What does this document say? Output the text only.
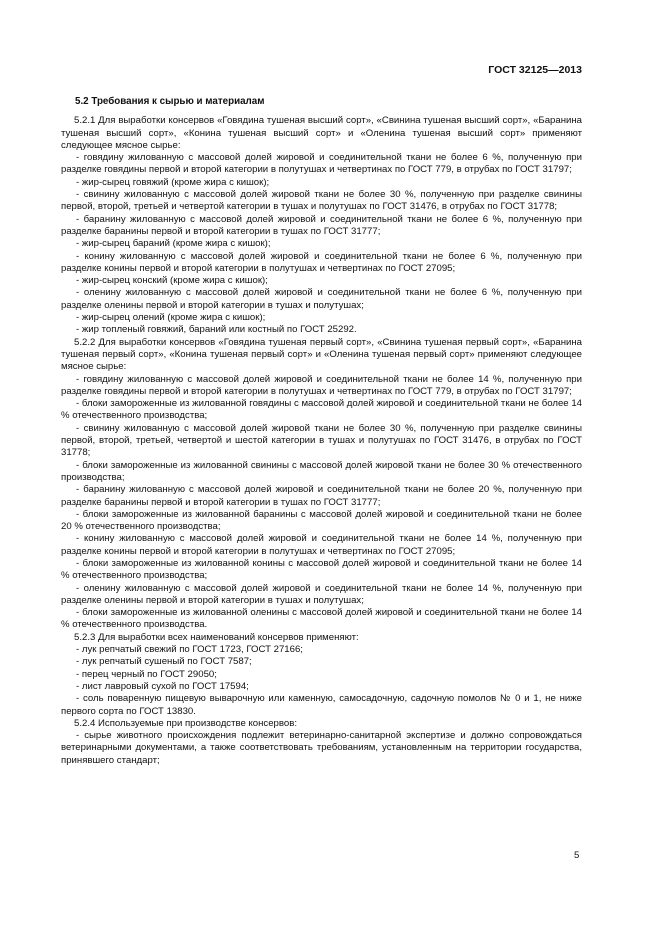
ГОСТ 32125—2013
5.2 Требования к сырью и материалам

5.2.1 Для выработки консервов «Говядина тушеная высший сорт», «Свинина тушеная высший сорт», «Баранина тушеная высший сорт», «Конина тушеная высший сорт» и «Оленина тушеная высший сорт» применяют следующее мясное сырье:

- говядину жилованную с массовой долей жировой и соединительной ткани не более 6 %, полученную при разделке говядины первой и второй категории в полутушах и четвертинах по ГОСТ 779, в отрубах по ГОСТ 31797;

- жир-сырец говяжий (кроме жира с кишок);

- свинину жилованную с массовой долей жировой ткани не более 30 %, полученную при разделке свинины первой, второй, третьей и четвертой категории в тушах и полутушах по ГОСТ 31476, в отрубах по ГОСТ 31778;

- баранину жилованную с массовой долей жировой и соединительной ткани не более 6 %, полученную при разделке баранины первой и второй категории в тушах по ГОСТ 31777;

- жир-сырец бараний (кроме жира с кишок);

- конину жилованную с массовой долей жировой и соединительной ткани не более 6 %, полученную при разделке конины первой и второй категории в полутушах и четвертинах по ГОСТ 27095;

- жир-сырец конский (кроме жира с кишок);

- оленину жилованную с массовой долей жировой и соединительной ткани не более 6 %, полученную при разделке оленины первой и второй категории в тушах и полутушах;

- жир-сырец олений (кроме жира с кишок);

- жир топленый говяжий, бараний или костный по ГОСТ 25292.

5.2.2 Для выработки консервов «Говядина тушеная первый сорт», «Свинина тушеная первый сорт», «Баранина тушеная первый сорт», «Конина тушеная первый сорт» и «Оленина тушеная первый сорт» применяют следующее мясное сырье:

- говядину жилованную с массовой долей жировой и соединительной ткани не более 14 %, полученную при разделке говядины первой и второй категории в полутушах и четвертинах по ГОСТ 779, в отрубах по ГОСТ 31797;

- блоки замороженные из жилованной говядины с массовой долей жировой и соединительной ткани не более 14 % отечественного производства;

- свинину жилованную с массовой долей жировой ткани не более 30 %, полученную при разделке свинины первой, второй, третьей, четвертой и шестой категории в тушах и полутушах по ГОСТ 31476, в отрубах по ГОСТ 31778;

- блоки замороженные из жилованной свинины с массовой долей жировой ткани не более 30 % отечественного производства;

- баранину жилованную с массовой долей жировой и соединительной ткани не более 20 %, полученную при разделке баранины первой и второй категории в тушах по ГОСТ 31777;

- блоки замороженные из жилованной баранины с массовой долей жировой и соединительной ткани не более 20 % отечественного производства;

- конину жилованную с массовой долей жировой и соединительной ткани не более 14 %, полученную при разделке конины первой и второй категории в полутушах и четвертинах по ГОСТ 27095;

- блоки замороженные из жилованной конины с массовой долей жировой и соединительной ткани не более 14 % отечественного производства;

- оленину жилованную с массовой долей жировой и соединительной ткани не более 14 %, полученную при разделке оленины первой и второй категории в тушах и полутушах;

- блоки замороженные из жилованной оленины с массовой долей жировой и соединительной ткани не более 14 % отечественного производства.

5.2.3 Для выработки всех наименований консервов применяют:

- лук репчатый свежий по ГОСТ 1723, ГОСТ 27166;

- лук репчатый сушеный по ГОСТ 7587;

- перец черный по ГОСТ 29050;

- лист лавровый сухой по ГОСТ 17594;

- соль поваренную пищевую выварочную или каменную, самосадочную, садочную помолов № 0 и 1, не ниже первого сорта по ГОСТ 13830.

5.2.4 Используемые при производстве консервов:

- сырье животного происхождения подлежит ветеринарно-санитарной экспертизе и должно сопровождаться ветеринарными документами, а также соответствовать требованиям, установленным на территории государства, принявшего стандарт;

5
